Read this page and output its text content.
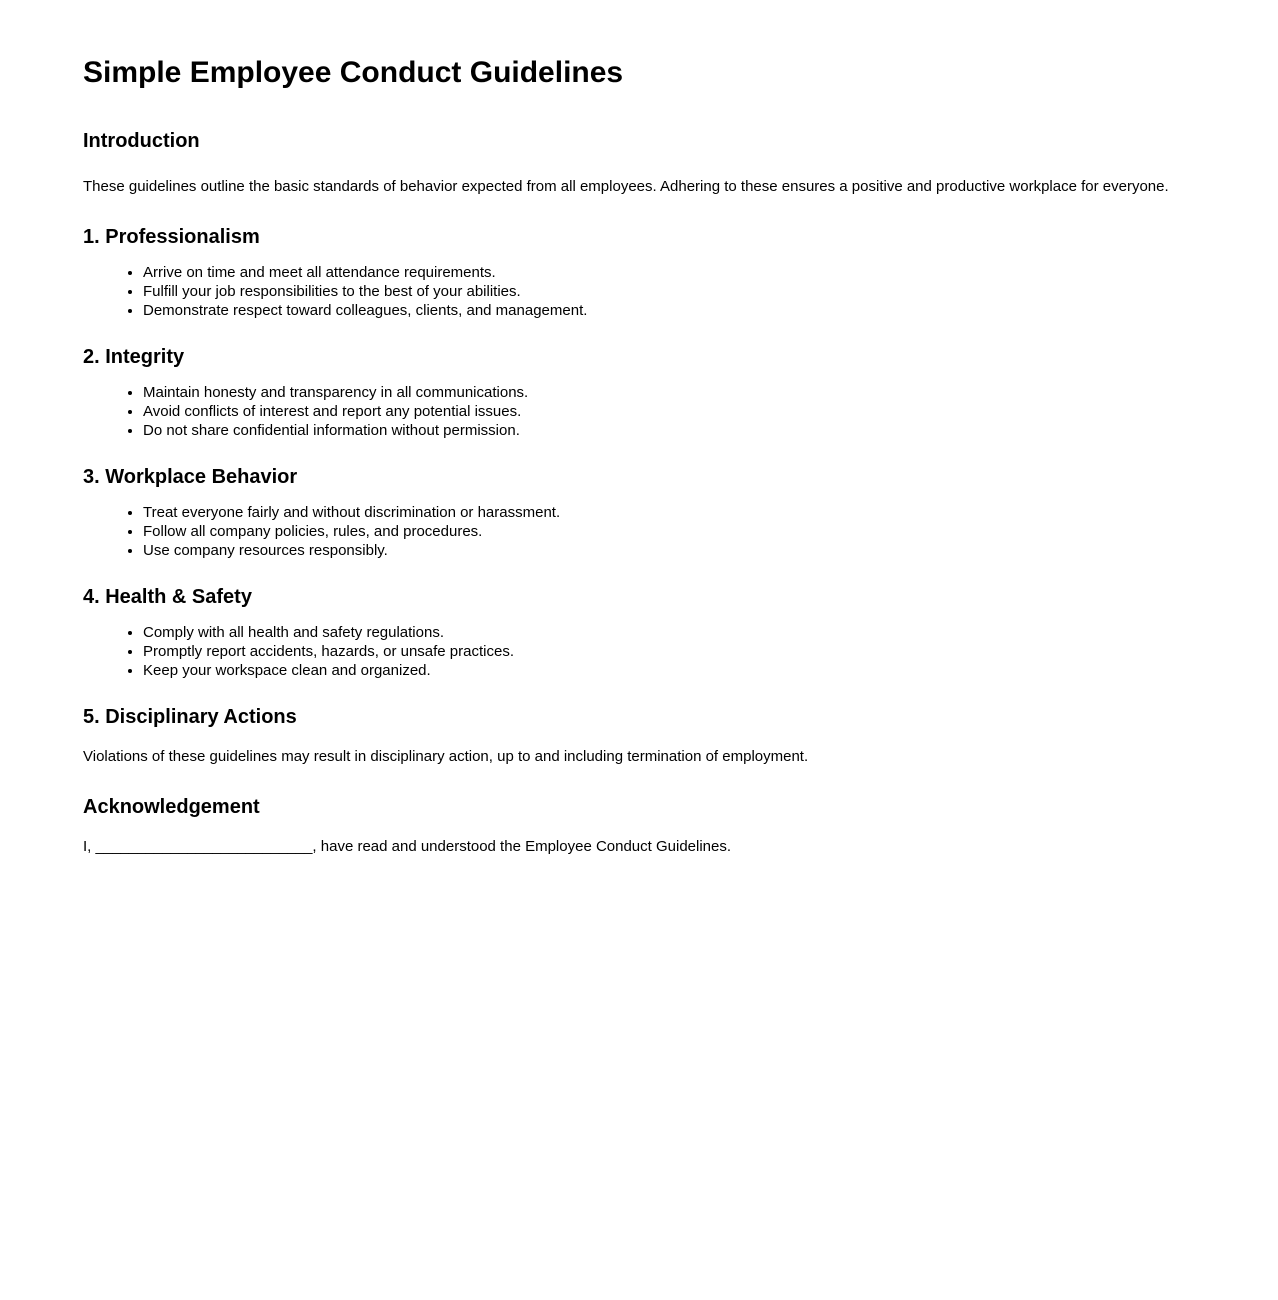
Simple Employee Conduct Guidelines
Introduction

These guidelines outline the basic standards of behavior expected from all employees. Adhering to these ensures a positive and productive workplace for everyone.

1. Professionalism
• Arrive on time and meet all attendance requirements.
• Fulfill your job responsibilities to the best of your abilities.
• Demonstrate respect toward colleagues, clients, and management.
2. Integrity
• Maintain honesty and transparency in all communications.
• Avoid conflicts of interest and report any potential issues.
• Do not share confidential information without permission.
3. Workplace Behavior
• Treat everyone fairly and without discrimination or harassment.
• Follow all company policies, rules, and procedures.
• Use company resources responsibly.
4. Health & Safety
• Comply with all health and safety regulations.
• Promptly report accidents, hazards, or unsafe practices.
• Keep your workspace clean and organized.
5. Disciplinary Actions

Violations of these guidelines may result in disciplinary action, up to and including termination of employment.

Acknowledgement

I, __________________________, have read and understood the Employee Conduct Guidelines.
